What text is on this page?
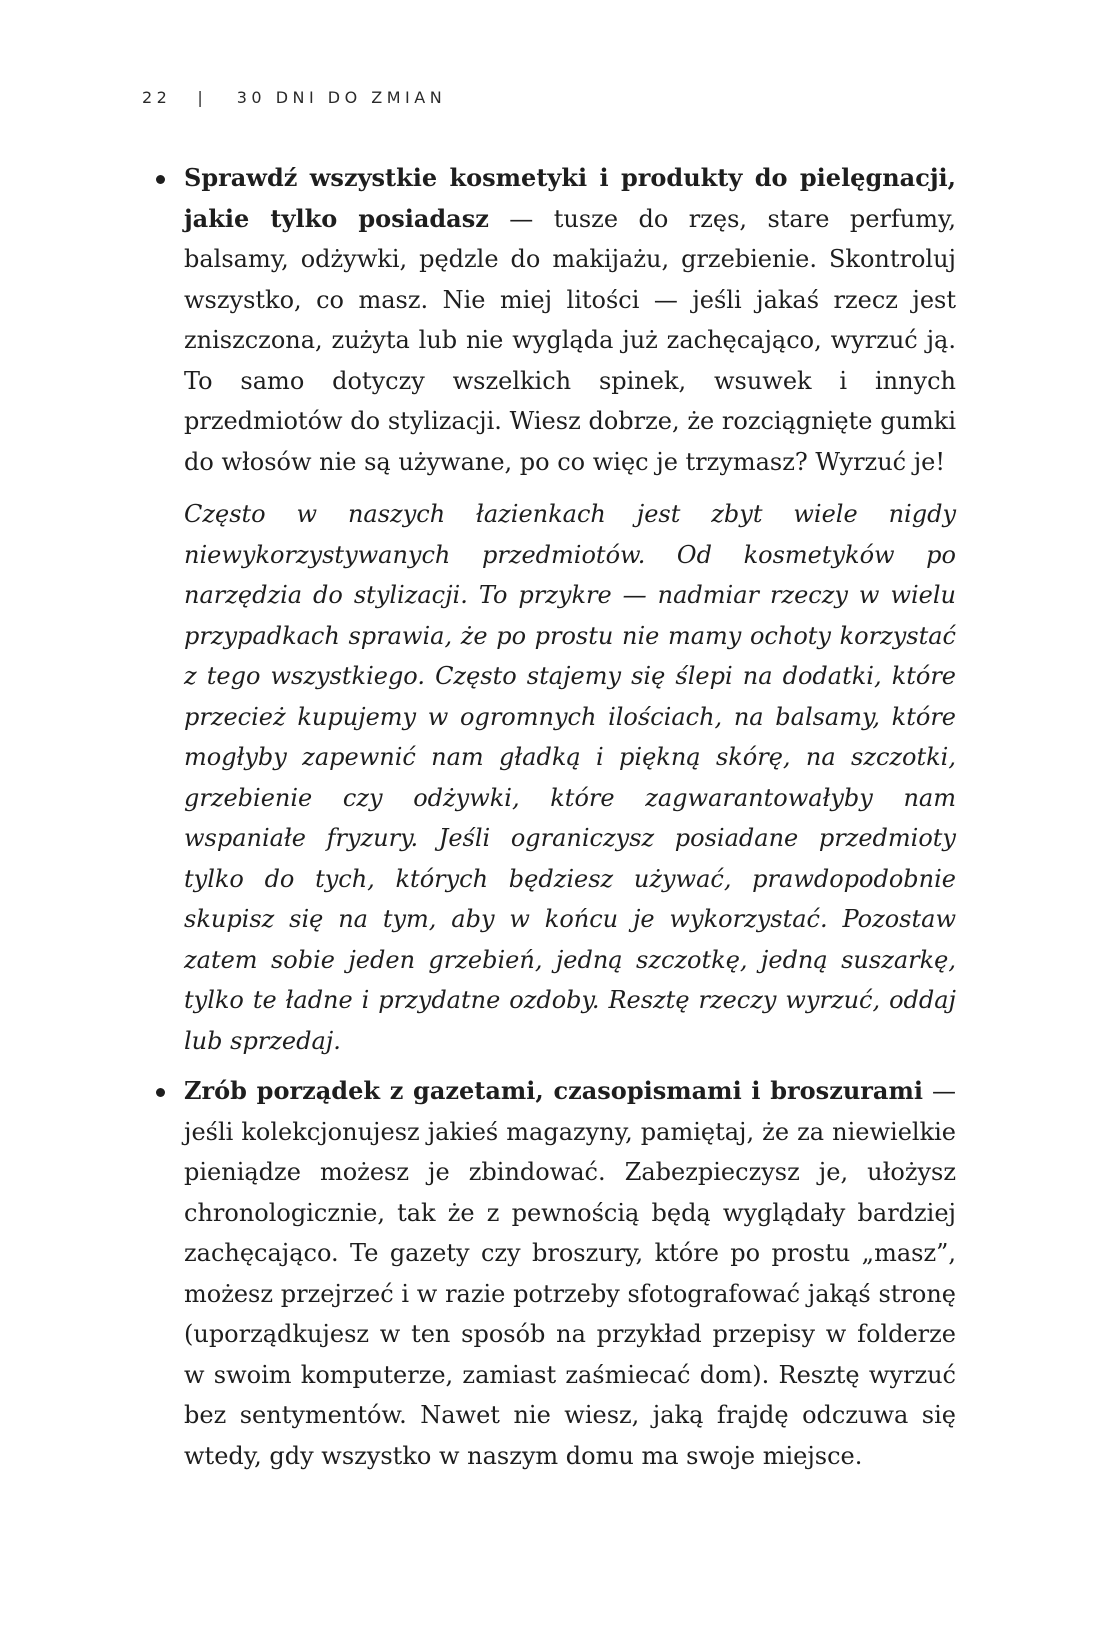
22 | 30 DNI DO ZMIAN

Sprawdź wszystkie kosmetyki i produkty do pielęgnacji, jakie tylko posiadasz — tusze do rzęs, stare perfumy, balsamy, odżywki, pędzle do makijażu, grzebienie. Skontroluj wszystko, co masz. Nie miej litości — jeśli jakaś rzecz jest zniszczona, zużyta lub nie wygląda już zachęcająco, wyrzuć ją. To samo dotyczy wszelkich spinek, wsuwek i innych przedmiotów do stylizacji. Wiesz dobrze, że rozciągnięte gumki do włosów nie są używane, po co więc je trzymasz? Wyrzuć je!

Często w naszych łazienkach jest zbyt wiele nigdy niewykorzystywanych przedmiotów. Od kosmetyków po narzędzia do stylizacji. To przykre — nadmiar rzeczy w wielu przypadkach sprawia, że po prostu nie mamy ochoty korzystać z tego wszystkiego. Często stajemy się ślepi na dodatki, które przecież kupujemy w ogromnych ilościach, na balsamy, które mogłyby zapewnić nam gładką i piękną skórę, na szczotki, grzebienie czy odżywki, które zagwarantowałyby nam wspaniałe fryzury. Jeśli ograniczysz posiadane przedmioty tylko do tych, których będziesz używać, prawdopodobnie skupisz się na tym, aby w końcu je wykorzystać. Pozostaw zatem sobie jeden grzebień, jedną szczotkę, jedną suszarkę, tylko te ładne i przydatne ozdoby. Resztę rzeczy wyrzuć, oddaj lub sprzedaj.

Zrób porządek z gazetami, czasopismami i broszurami — jeśli kolekcjonujesz jakieś magazyny, pamiętaj, że za niewielkie pieniądze możesz je zbindować. Zabezpieczysz je, ułożysz chronologicznie, tak że z pewnością będą wyglądały bardziej zachęcająco. Te gazety czy broszury, które po prostu „masz”, możesz przejrzeć i w razie potrzeby sfotografować jakąś stronę (uporządkujesz w ten sposób na przykład przepisy w folderze w swoim komputerze, zamiast zaśmiecać dom). Resztę wyrzuć bez sentymentów. Nawet nie wiesz, jaką frajdę odczuwa się wtedy, gdy wszystko w naszym domu ma swoje miejsce.
